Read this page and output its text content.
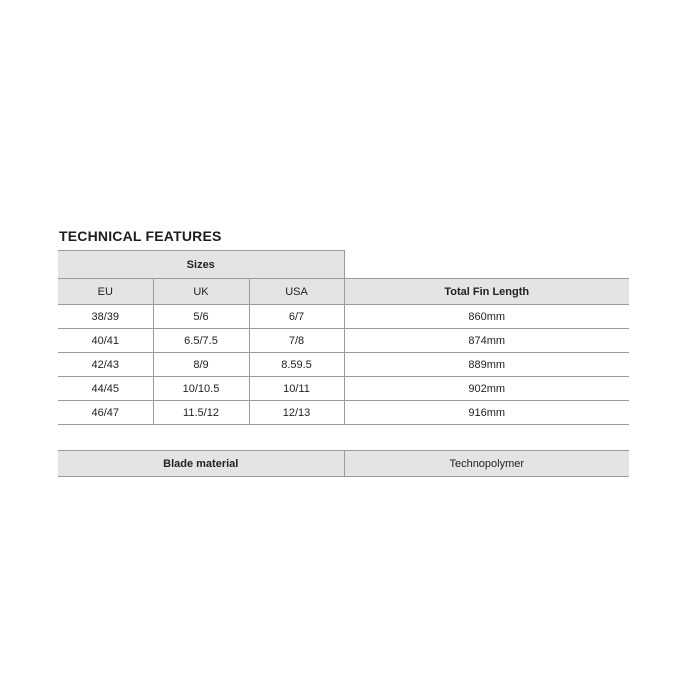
TECHNICAL FEATURES
Sizes			
EU	UK	USA	Total Fin Length
38/39	5/6	6/7	860mm
40/41	6.5/7.5	7/8	874mm
42/43	8/9	8.59.5	889mm
44/45	10/10.5	10/11	902mm
46/47	11.5/12	12/13	916mm
Blade material	Technopolymer
